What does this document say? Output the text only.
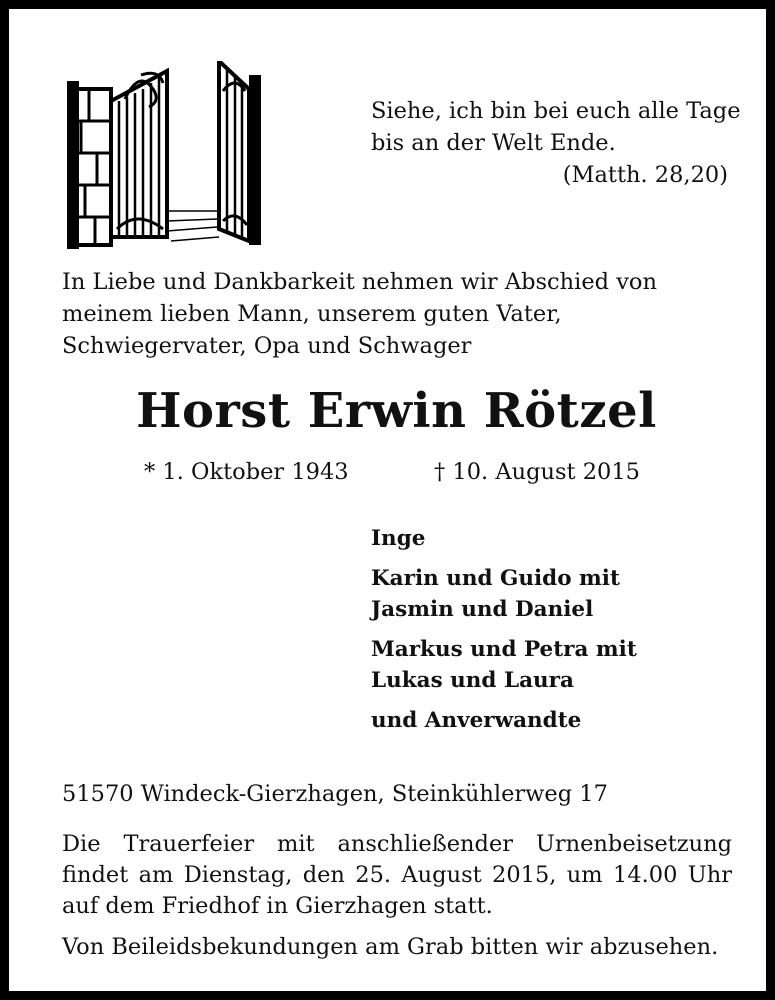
Siehe, ich bin bei euch alle Tage
bis an der Welt Ende.
(Matth. 28,20)
In Liebe und Dankbarkeit nehmen wir Abschied von meinem lieben Mann, unserem guten Vater, Schwiegervater, Opa und Schwager
Horst Erwin Rötzel
* 1. Oktober 1943	† 10. August 2015
Inge
Karin und Guido mit
Jasmin und Daniel
Markus und Petra mit
Lukas und Laura
und Anverwandte
51570 Windeck-Gierzhagen, Steinkühlerweg 17
Die Trauerfeier mit anschließender Urnenbeisetzung findet am Dienstag, den 25. August 2015, um 14.00 Uhr auf dem Friedhof in Gierzhagen statt.
Von Beileidsbekundungen am Grab bitten wir abzusehen.
